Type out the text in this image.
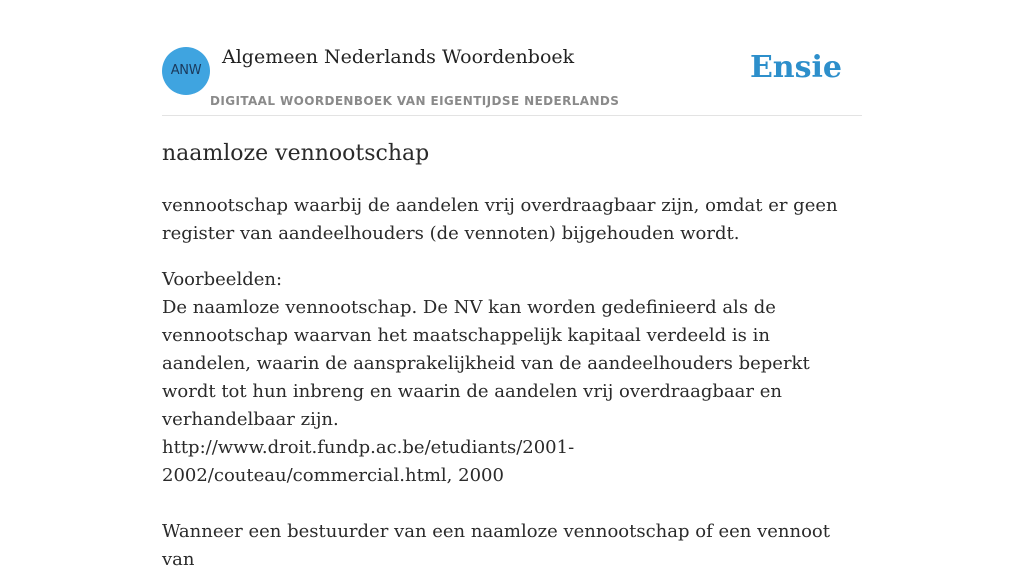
ANW
Algemeen Nederlands Woordenboek
DIGITAAL WOORDENBOEK VAN EIGENTIJDSE NEDERLANDS
Ensie
naamloze vennootschap

vennootschap waarbij de aandelen vrij overdraagbaar zijn, omdat er geen register van aandeelhouders (de vennoten) bijgehouden wordt.

Voorbeelden:

De naamloze vennootschap. De NV kan worden gedefinieerd als de vennootschap waarvan het maatschappelijk kapitaal verdeeld is in aandelen, waarin de aansprakelijkheid van de aandeelhouders beperkt wordt tot hun inbreng en waarin de aandelen vrij overdraagbaar en verhandelbaar zijn.

http://www.droit.fundp.ac.be/etudiants/2001-2002/couteau/commercial.html, 2000

Wanneer een bestuurder van een naamloze vennootschap of een vennoot van
